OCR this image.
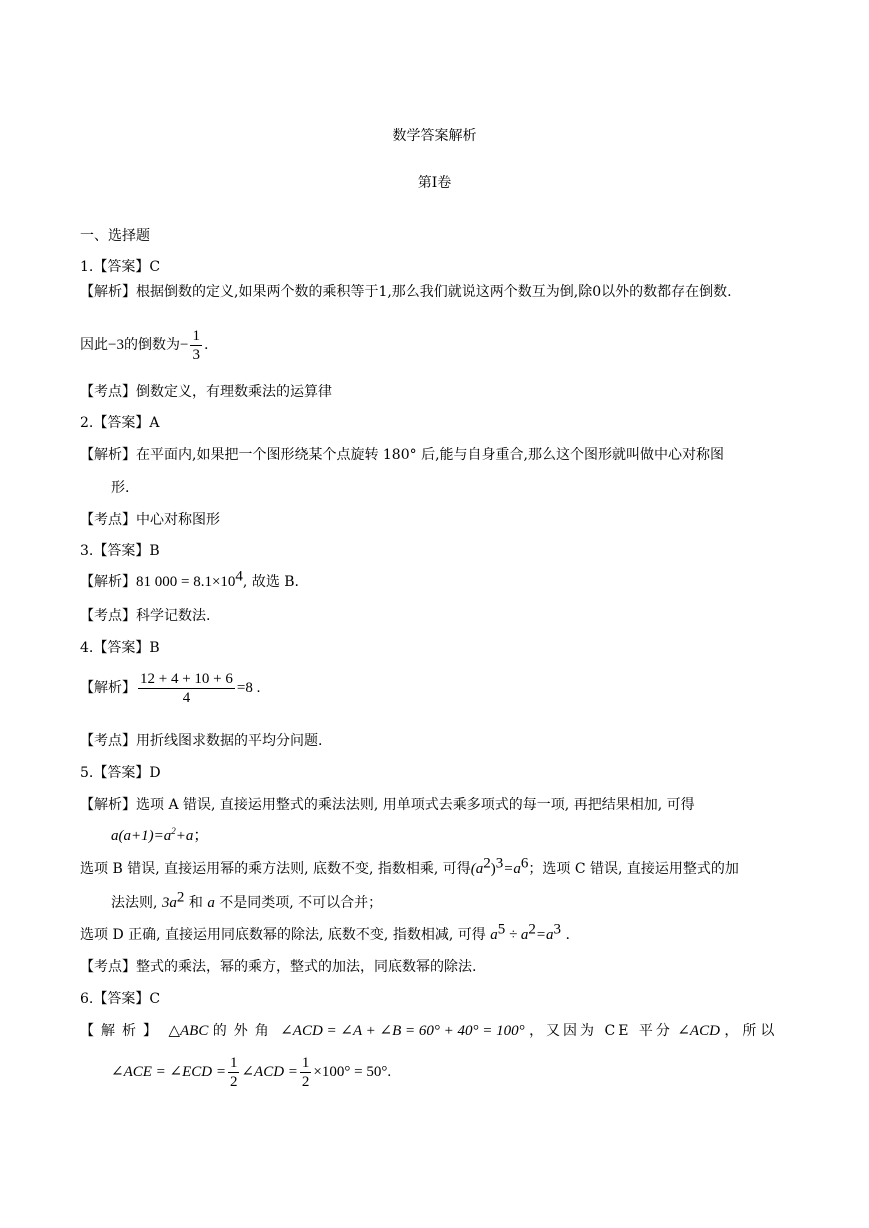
数学答案解析
第Ⅰ卷
一、选择题
1.【答案】C
【解析】根据倒数的定义,如果两个数的乘积等于1,那么我们就说这两个数互为倒,除0以外的数都存在倒数.
因此−3的倒数为− $\frac{1}{3}$ .
【考点】倒数定义，有理数乘法的运算律
2.【答案】A
【解析】在平面内,如果把一个图形绕某个点旋转 180° 后,能与自身重合,那么这个图形就叫做中心对称图
形.
【考点】中心对称图形
3.【答案】B
【解析】81 $000 = 8.1\times 10^4$, 故选 B.
【考点】科学记数法.
4.【答案】B
【解析】 $\frac{12 + 4 + 10 + 6}{4} =8$ .
【考点】用折线图求数据的平均分问题.
5.【答案】D
【解析】选项 A 错误, 直接运用整式的乘法法则, 用单项式去乘多项式的每一项, 再把结果相加, 可得
$a(a+1)=a^2+a$；
选项 B 错误, 直接运用幂的乘方法则, 底数不变, 指数相乘, 可得$(a^2)^3=a^6$；选项 C 错误, 直接运用整式的加
法法则, $3a^2$ 和 a 不是同类项, 不可以合并；
选项 D 正确, 直接运用同底数幂的除法, 底数不变, 指数相减, 可得 $a^5 \div a^2=a^3$ .
【考点】整式的乘法，幂的乘方，整式的加法，同底数幂的除法.
6.【答案】C
【解析】 △ABC 的外角 ∠ACD = ∠A + ∠B = 60° + 40° = 100° ，又因为 CE 平分 ∠ACD ，所以
∠ACE = ∠ECD = $\frac{1}{2}$ ∠ACD = $\frac{1}{2} \times 100^\circ = 50^\circ$.
